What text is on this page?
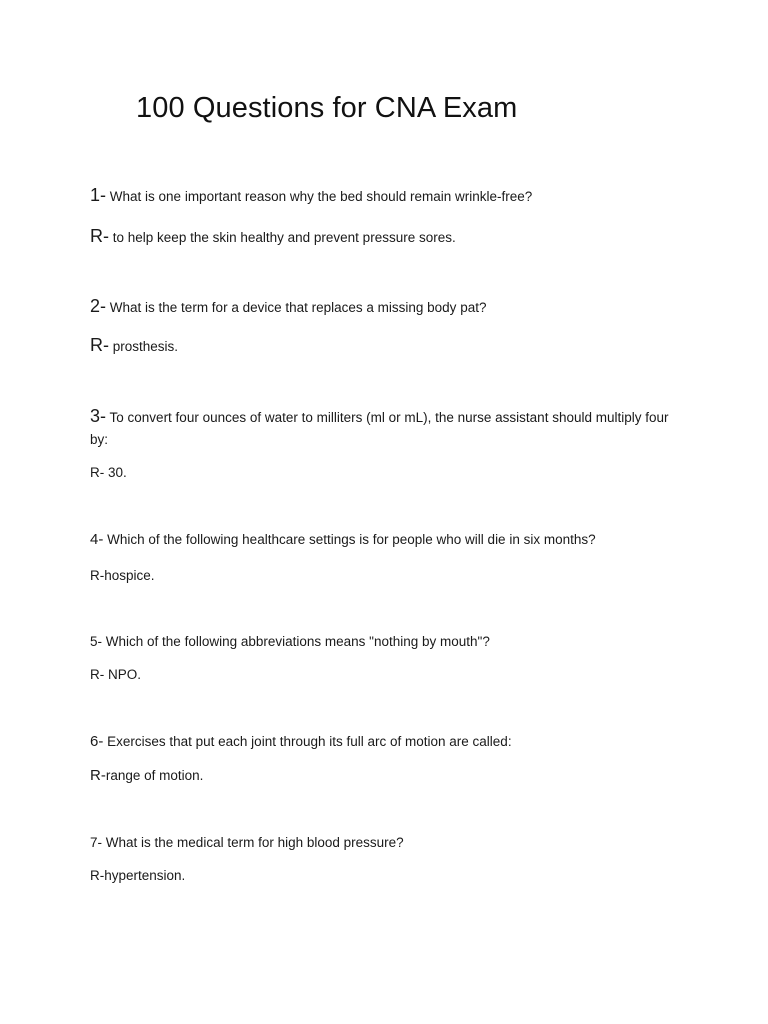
100 Questions for CNA Exam
1- What is one important reason why the bed should remain wrinkle-free?
R- to help keep the skin healthy and prevent pressure sores.
2- What is the term for a device that replaces a missing body pat?
R- prosthesis.
3- To convert four ounces of water to milliters (ml or mL), the nurse assistant should multiply four by:
R- 30.
4- Which of the following healthcare settings is for people who will die in six months?
R-hospice.
5- Which of the following abbreviations means "nothing by mouth"?
R- NPO.
6- Exercises that put each joint through its full arc of motion are called:
R-range of motion.
7- What is the medical term for high blood pressure?
R-hypertension.
